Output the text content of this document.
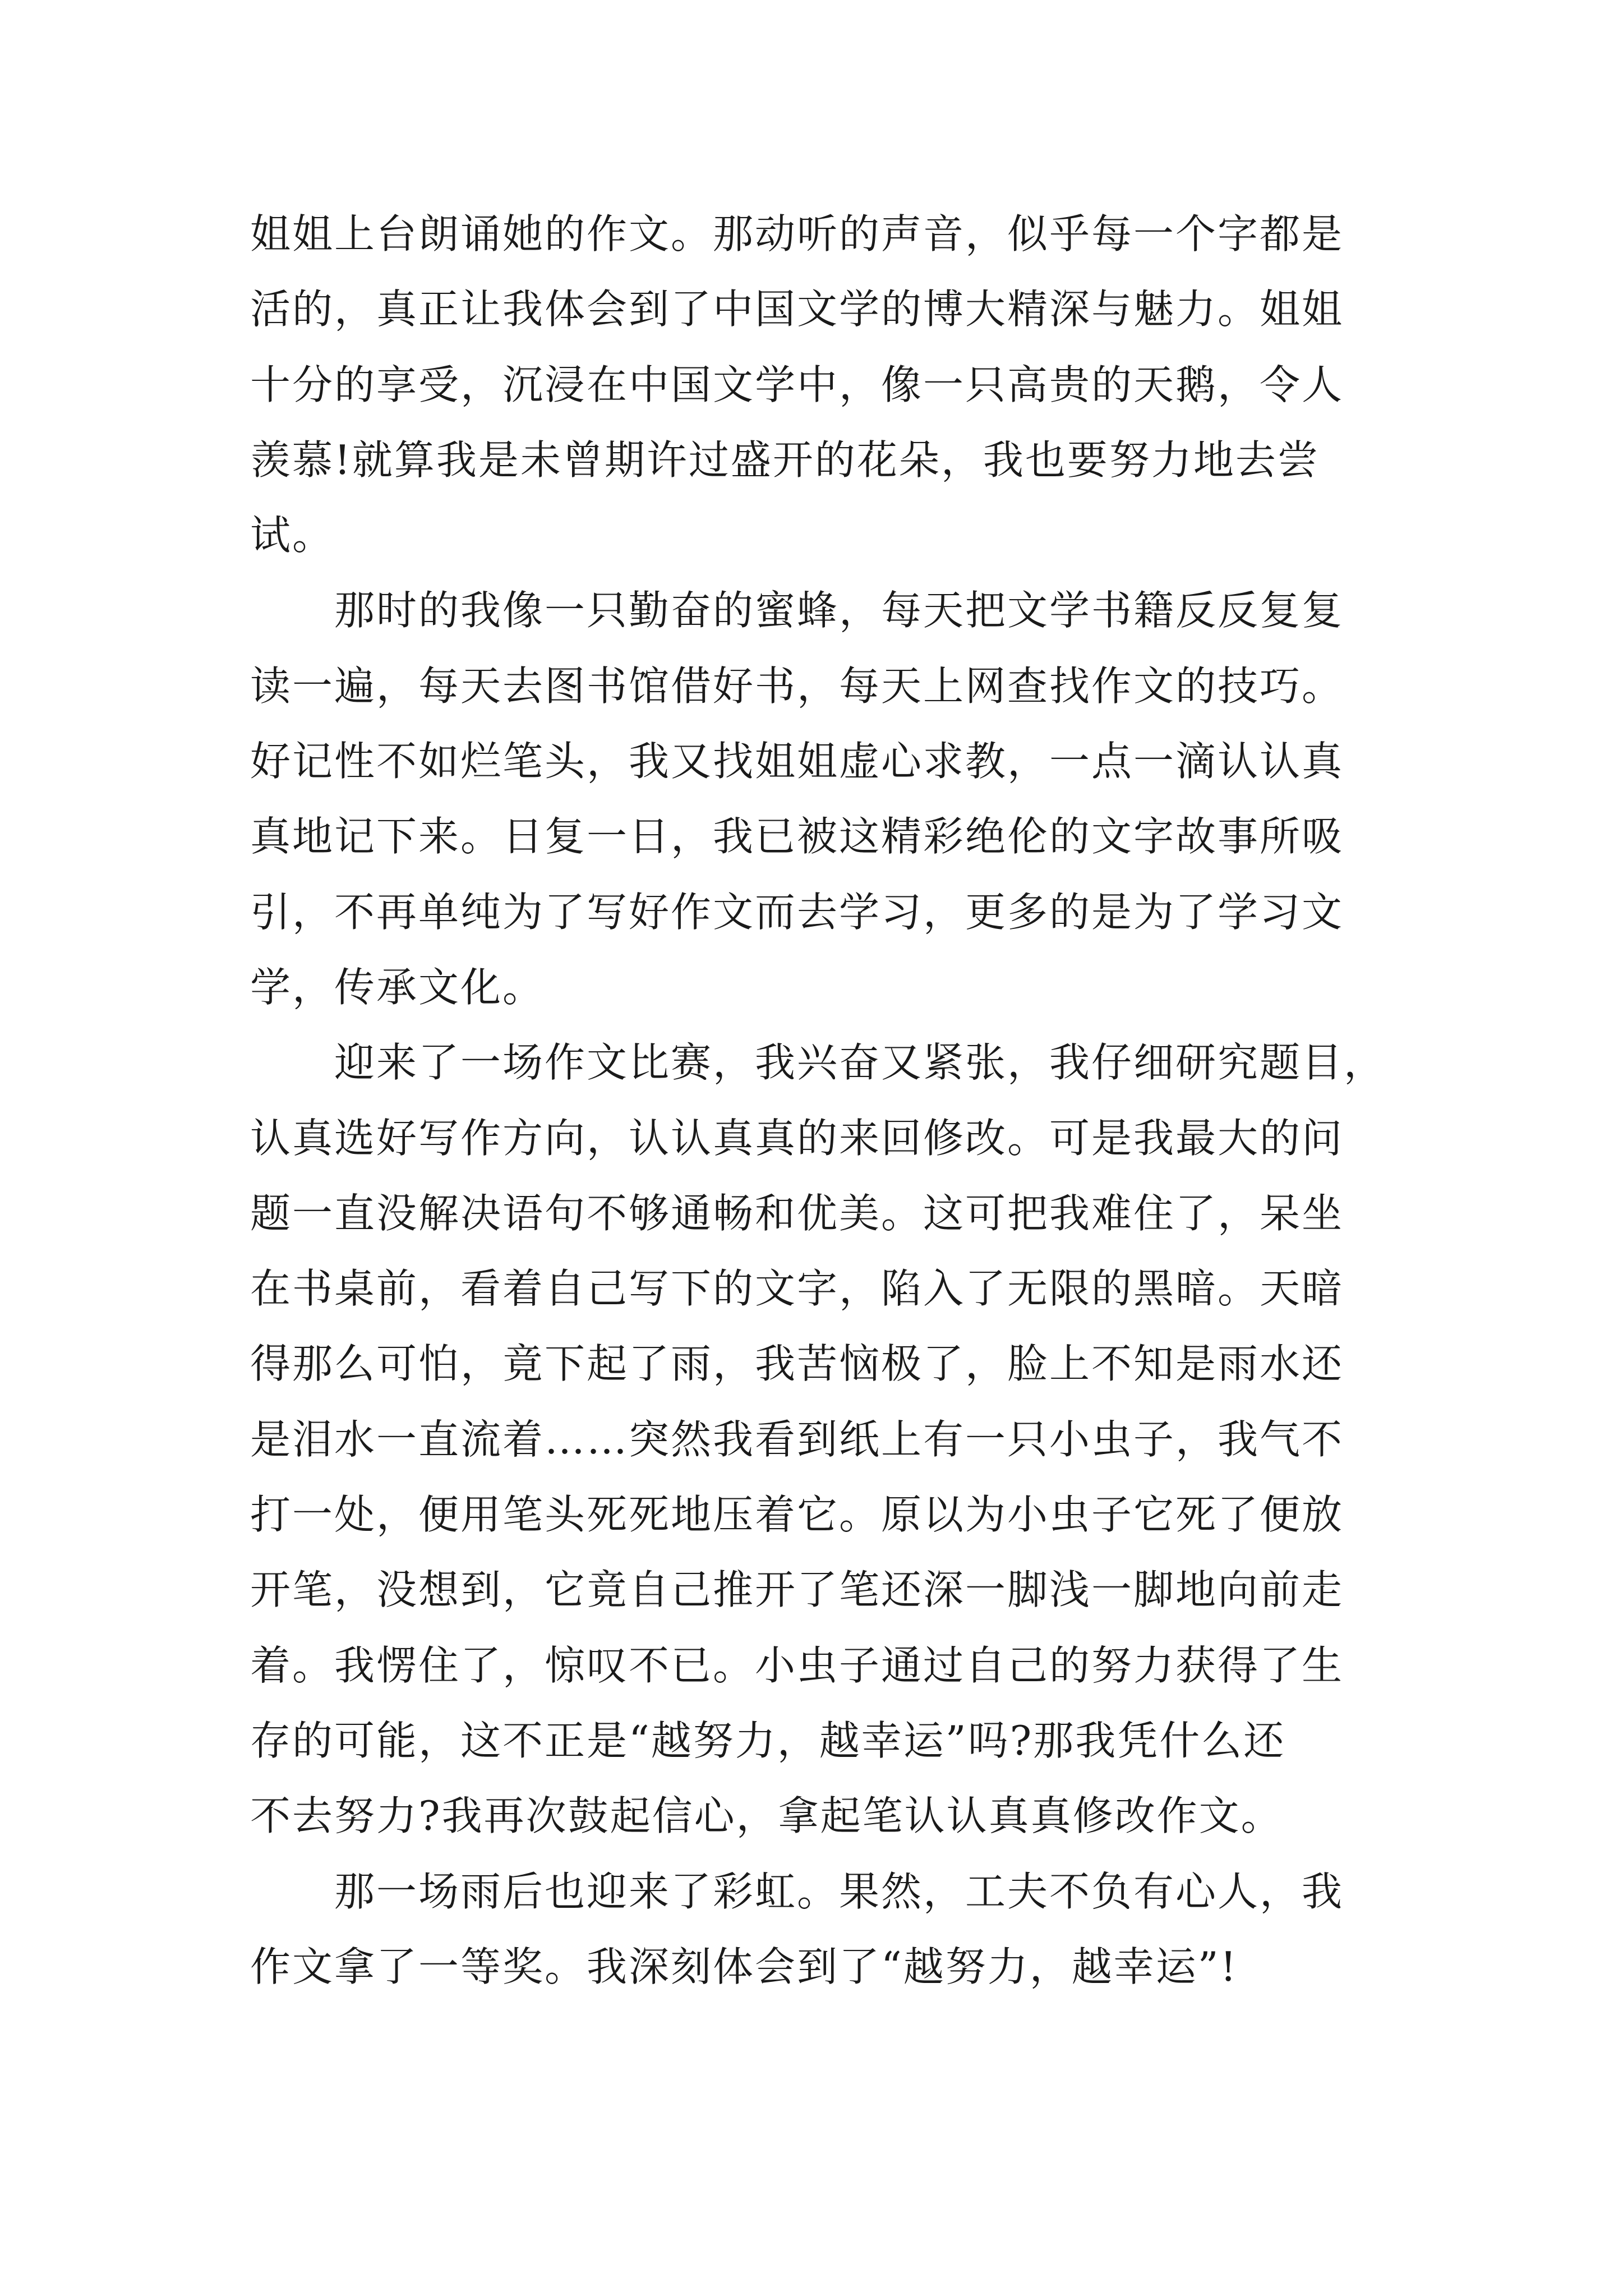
姐姐上台朗诵她的作文。那动听的声音，似乎每一个字都是
活的，真正让我体会到了中国文学的博大精深与魅力。姐姐
十分的享受，沉浸在中国文学中，像一只高贵的天鹅，令人
羡慕!就算我是未曾期许过盛开的花朵，我也要努力地去尝
试。
那时的我像一只勤奋的蜜蜂，每天把文学书籍反反复复
读一遍，每天去图书馆借好书，每天上网查找作文的技巧。
好记性不如烂笔头，我又找姐姐虚心求教，一点一滴认认真
真地记下来。日复一日，我已被这精彩绝伦的文字故事所吸
引，不再单纯为了写好作文而去学习，更多的是为了学习文
学，传承文化。
迎来了一场作文比赛，我兴奋又紧张，我仔细研究题目，
认真选好写作方向，认认真真的来回修改。可是我最大的问
题一直没解决语句不够通畅和优美。这可把我难住了，呆坐
在书桌前，看着自己写下的文字，陷入了无限的黑暗。天暗
得那么可怕，竟下起了雨，我苦恼极了，脸上不知是雨水还
是泪水一直流着……突然我看到纸上有一只小虫子，我气不
打一处，便用笔头死死地压着它。原以为小虫子它死了便放
开笔，没想到，它竟自己推开了笔还深一脚浅一脚地向前走
着。我愣住了，惊叹不已。小虫子通过自己的努力获得了生
存的可能，这不正是“越努力，越幸运”吗?那我凭什么还
不去努力?我再次鼓起信心，拿起笔认认真真修改作文。
那一场雨后也迎来了彩虹。果然，工夫不负有心人，我
作文拿了一等奖。我深刻体会到了“越努力，越幸运”!
